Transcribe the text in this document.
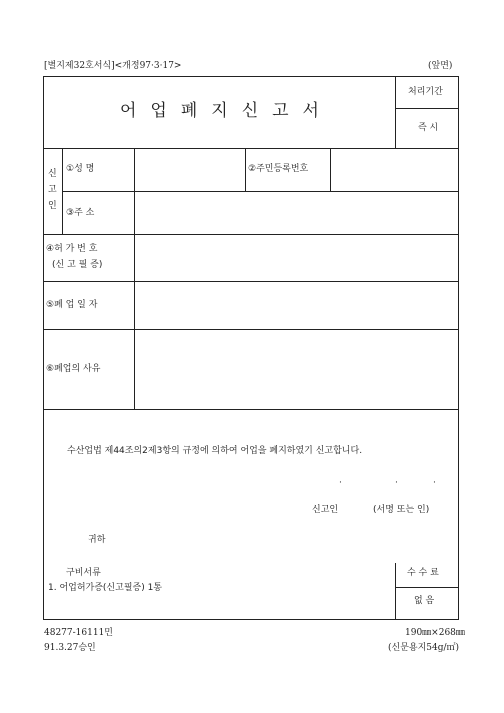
[별지제32호서식]<개정97·3·17>	(앞면)
어업폐지신고서
처리기간
즉 시
신
고
인
①성 명	②주민등록번호
③주 소
④허 가 번 호
(신 고 필 증)
⑤폐 업 일 자
⑥폐업의 사유
수산업법 제44조의2제3항의 규정에 의하여 어업을 폐지하였기 신고합니다.
·	·	·
신고인	(서명 또는 인)
귀하
구비서류
1. 어업허가증(신고필증) 1통
수 수 료
없 음
48277-16111민
91.3.27승인
190㎜×268㎜
(신문용지54g/㎡)
